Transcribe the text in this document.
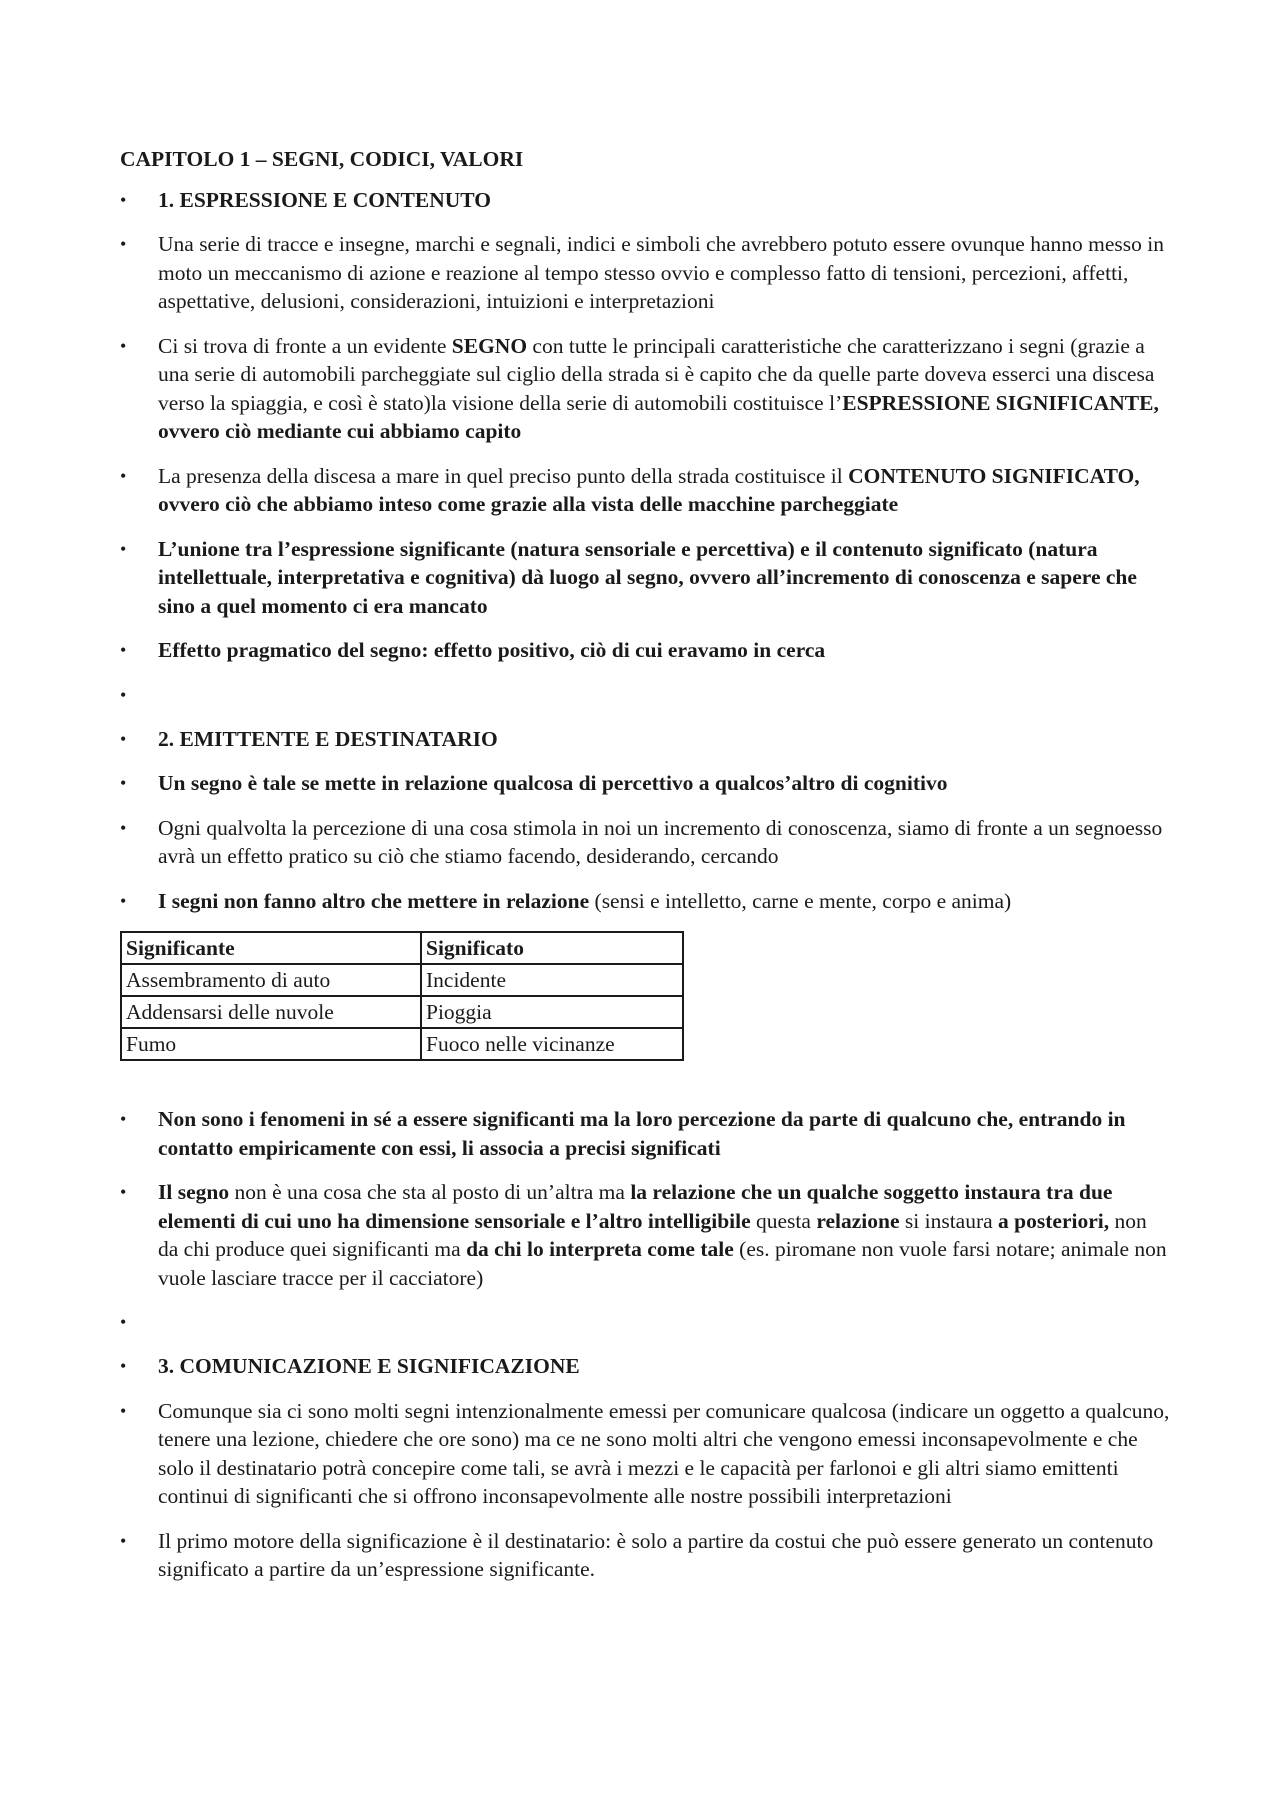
CAPITOLO 1 – SEGNI, CODICI, VALORI
•	1. ESPRESSIONE E CONTENUTO
•	Una serie di tracce e insegne, marchi e segnali, indici e simboli che avrebbero potuto essere ovunque hanno messo in moto un meccanismo di azione e reazione al tempo stesso ovvio e complesso fatto di tensioni, percezioni, affetti, aspettative, delusioni, considerazioni, intuizioni e interpretazioni
•	Ci si trova di fronte a un evidente SEGNO con tutte le principali caratteristiche che caratterizzano i segni (grazie a una serie di automobili parcheggiate sul ciglio della strada si è capito che da quelle parte doveva esserci una discesa verso la spiaggia, e così è stato)la visione della serie di automobili costituisce l’ESPRESSIONE SIGNIFICANTE, ovvero ciò mediante cui abbiamo capito
•	La presenza della discesa a mare in quel preciso punto della strada costituisce il CONTENUTO SIGNIFICATO, ovvero ciò che abbiamo inteso come grazie alla vista delle macchine parcheggiate
•	L’unione tra l’espressione significante (natura sensoriale e percettiva) e il contenuto significato (natura intellettuale, interpretativa e cognitiva) dà luogo al segno, ovvero all’incremento di conoscenza e sapere che sino a quel momento ci era mancato
•	Effetto pragmatico del segno: effetto positivo, ciò di cui eravamo in cerca
•
•	2. EMITTENTE E DESTINATARIO
•	Un segno è tale se mette in relazione qualcosa di percettivo a qualcos’altro di cognitivo
•	Ogni qualvolta la percezione di una cosa stimola in noi un incremento di conoscenza, siamo di fronte a un segnoesso avrà un effetto pratico su ciò che stiamo facendo, desiderando, cercando
•	I segni non fanno altro che mettere in relazione (sensi e intelletto, carne e mente, corpo e anima)
Significante	Significato
Assembramento di auto	Incidente
Addensarsi delle nuvole	Pioggia
Fumo	Fuoco nelle vicinanze
•	Non sono i fenomeni in sé a essere significanti ma la loro percezione da parte di qualcuno che, entrando in contatto empiricamente con essi, li associa a precisi significati
•	Il segno non è una cosa che sta al posto di un’altra ma la relazione che un qualche soggetto instaura tra due elementi di cui uno ha dimensione sensoriale e l’altro intelligibile questa relazione si instaura a posteriori, non da chi produce quei significanti ma da chi lo interpreta come tale (es. piromane non vuole farsi notare; animale non vuole lasciare tracce per il cacciatore)
•
•	3. COMUNICAZIONE E SIGNIFICAZIONE
•	Comunque sia ci sono molti segni intenzionalmente emessi per comunicare qualcosa (indicare un oggetto a qualcuno, tenere una lezione, chiedere che ore sono) ma ce ne sono molti altri che vengono emessi inconsapevolmente e che solo il destinatario potrà concepire come tali, se avrà i mezzi e le capacità per farlonoi e gli altri siamo emittenti continui di significanti che si offrono inconsapevolmente alle nostre possibili interpretazioni
•	Il primo motore della significazione è il destinatario: è solo a partire da costui che può essere generato un contenuto significato a partire da un’espressione significante.
